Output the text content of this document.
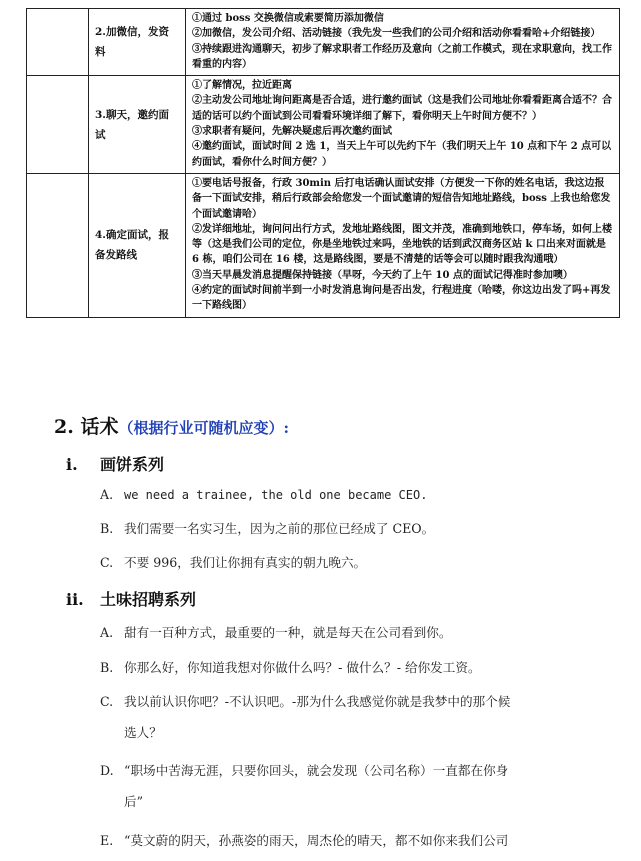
	2.加微信，发资料	①通过 boss 交换微信或索要简历添加微信
②加微信，发公司介绍、活动链接（我先发一些我们的公司介绍和活动你看看哈+介绍链接）
③持续跟进沟通聊天，初步了解求职者工作经历及意向（之前工作模式，现在求职意向，找工作看重的内容）

	3.聊天，邀约面试	①了解情况，拉近距离
②主动发公司地址询问距离是否合适，进行邀约面试（这是我们公司地址你看看距离合适不？合适的话可以约个面试到公司看看环境详细了解下，看你明天上午时间方便不？）
③求职者有疑问，先解决疑虑后再次邀约面试
④邀约面试，面试时间 2 选 1，当天上午可以先约下午（我们明天上午 10 点和下午 2 点可以约面试，看你什么时间方便？）

	4.确定面试，报备发路线	①要电话号报备，行政 30min 后打电话确认面试安排（方便发一下你的姓名电话，我这边报备一下面试安排，稍后行政部会给您发一个面试邀请的短信告知地址路线，boss 上我也给您发个面试邀请哈）
②发详细地址，询问问出行方式，发地址路线图，图文并茂，准确到地铁口，停车场，如何上楼等（这是我们公司的定位，你是坐地铁过来吗，坐地铁的话到武汉商务区站 k 口出来对面就是 6 栋，咱们公司在 16 楼，这是路线图，要是不清楚的话等会可以随时跟我沟通哦）
③当天早晨发消息提醒保持链接（早呀，今天约了上午 10 点的面试记得准时参加噢）
④约定的面试时间前半到一小时发消息询问是否出发，行程进度（哈喽，你这边出发了吗+再发一下路线图）
2. 话术（根据行业可随机应变）:
i. 画饼系列
A. we need a trainee, the old one became CEO.
B. 我们需要一名实习生，因为之前的那位已经成了 CEO。
C. 不要 996，我们让你拥有真实的朝九晚六。
ii. 土味招聘系列
A. 甜有一百种方式，最重要的一种，就是每天在公司看到你。
B. 你那么好，你知道我想对你做什么吗？- 做什么？- 给你发工资。
C. 我以前认识你吧？-不认识吧。-那为什么我感觉你就是我梦中的那个候
选人？
D. “职场中苦海无涯，只要你回头，就会发现（公司名称）一直都在你身
后”
E. “莫文蔚的阴天，孙燕姿的雨天，周杰伦的晴天，都不如你来我们公司
